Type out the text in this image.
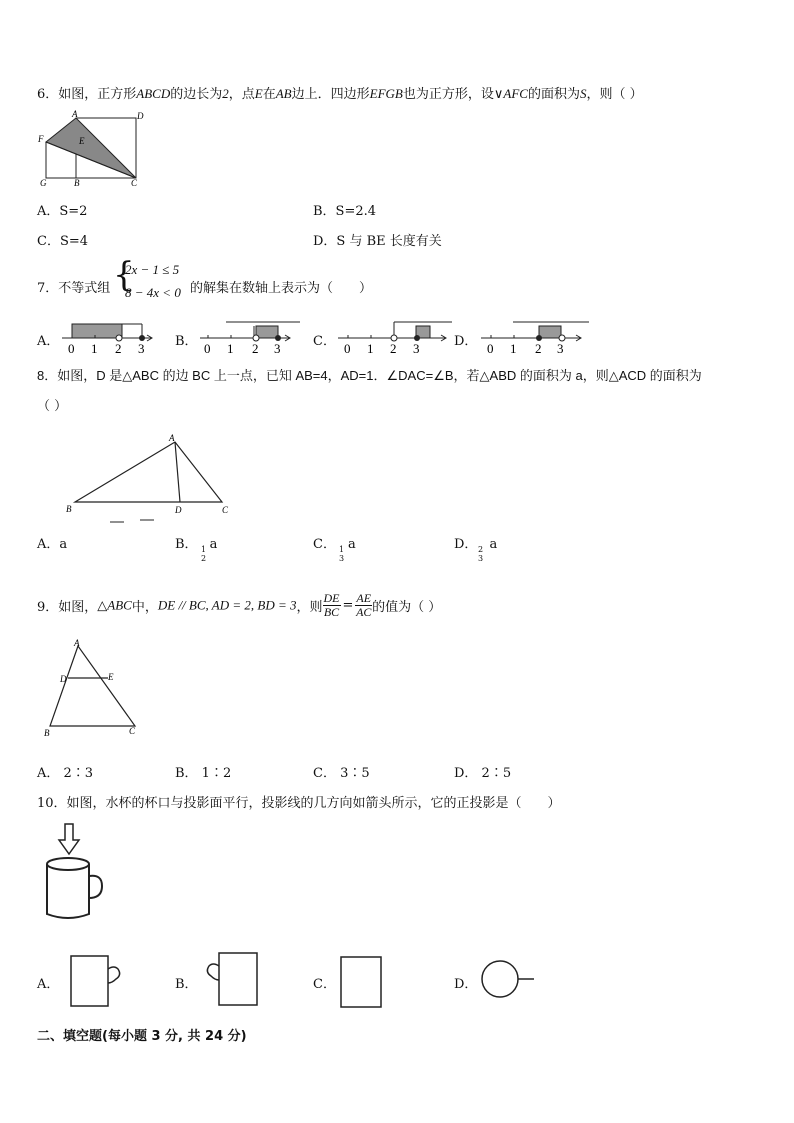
6．如图，正方形ABCD的边长为2，点E在AB边上．四边形EFGB也为正方形，设∨AFC的面积为S，则（ ）
A	D
F	E
G	B	C
A．S=2	B．S=2.4
C．S=4	D．S 与 BE 长度有关
7．不等式组 {
2x − 1 ≤ 5
8 − 4x < 0 的解集在数轴上表示为（　　）
A．	B．	C．	D．
0 1 2 3	0 1 2 3	0 1 2 3	0 1 2 3
8．如图，D 是△ABC 的边 BC 上一点，已知 AB=4，AD=1．∠DAC=∠B，若△ABD 的面积为 a，则△ACD 的面积为
（ ）
A
B	D	C
A．a	B． a
1
2
C． a
1
3
D． a
2
3
9．如图，△ABC中，DE // BC, AD = 2, BD = 3，则 $\frac{DE}{BC} = \frac{AE}{AC}$ 的值为（ ）
A
D	E
B	C
A． 2∶3	B． 1∶2	C． 3∶5	D． 2∶5
10．如图，水杯的杯口与投影面平行，投影线的几方向如箭头所示，它的正投影是（　　）
A．	B．	C．	D．
二、填空题(每小题 3 分, 共 24 分)
